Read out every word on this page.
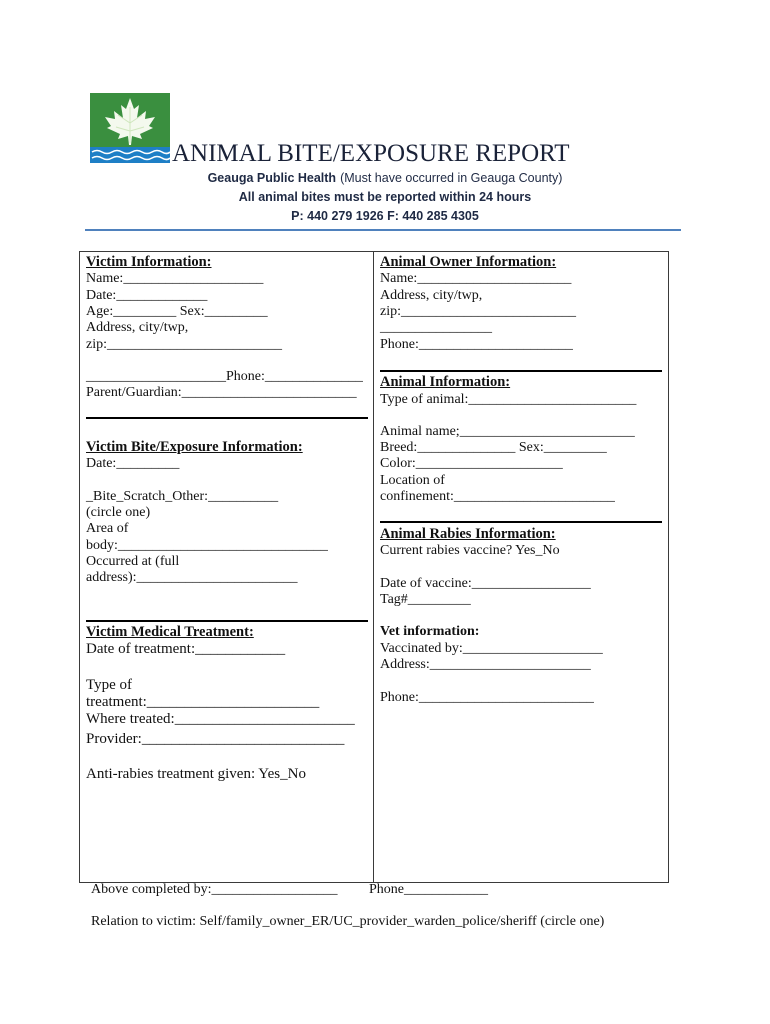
ANIMAL BITE/EXPOSURE REPORT
Geauga Public Health (Must have occurred in Geauga County)
All animal bites must be reported within 24 hours
P: 440 279 1926 F: 440 285 4305
Victim Information:
Name:____________________
Date:_____________
Age:_________ Sex:_________
Address, city/twp,
zip:_________________________
____________________Phone:______________
Parent/Guardian:_________________________
Victim Bite/Exposure Information:
Date:_________
_Bite_Scratch_Other:__________
(circle one)
Area of
body:______________________________
Occurred at (full
address):_______________________
Victim Medical Treatment:
Date of treatment:____________
Type of
treatment:_______________________
Where treated:________________________
Provider:___________________________
Anti-rabies treatment given: Yes_No
Animal Owner Information:
Name:______________________
Address, city/twp,
zip:_________________________
________________
Phone:______________________
Animal Information:
Type of animal:________________________
Animal name;_________________________
Breed:______________ Sex:_________
Color:_____________________
Location of
confinement:_______________________
Animal Rabies Information:
Current rabies vaccine? Yes_No
Date of vaccine:_________________
Tag#_________
Vet information:
Vaccinated by:____________________
Address:_______________________
Phone:_________________________
Above completed by:__________________ Phone____________
Relation to victim: Self/family_owner_ER/UC_provider_warden_police/sheriff (circle one)
